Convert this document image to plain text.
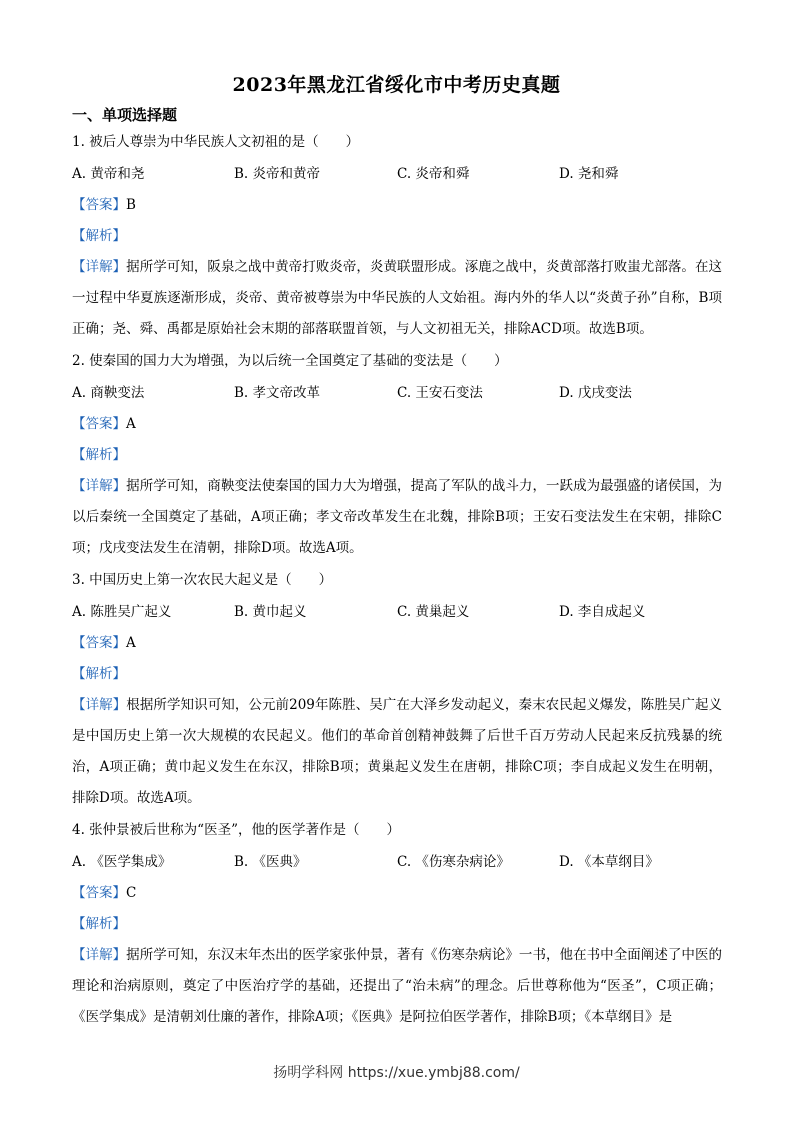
2023年黑龙江省绥化市中考历史真题
一、单项选择题
1. 被后人尊崇为中华民族人文初祖的是（　　）
A. 黄帝和尧	B. 炎帝和黄帝	C. 炎帝和舜	D. 尧和舜
【答案】B
【解析】
【详解】据所学可知，阪泉之战中黄帝打败炎帝，炎黄联盟形成。涿鹿之战中，炎黄部落打败蚩尤部落。在这一过程中华夏族逐渐形成，炎帝、黄帝被尊崇为中华民族的人文始祖。海内外的华人以“炎黄子孙”自称，B项正确；尧、舜、禹都是原始社会末期的部落联盟首领，与人文初祖无关，排除ACD项。故选B项。
2. 使秦国的国力大为增强，为以后统一全国奠定了基础的变法是（　　）
A. 商鞅变法	B. 孝文帝改革	C. 王安石变法	D. 戊戌变法
【答案】A
【解析】
【详解】据所学可知，商鞅变法使秦国的国力大为增强，提高了军队的战斗力，一跃成为最强盛的诸侯国，为以后秦统一全国奠定了基础，A项正确；孝文帝改革发生在北魏，排除B项；王安石变法发生在宋朝，排除C项；戊戌变法发生在清朝，排除D项。故选A项。
3. 中国历史上第一次农民大起义是（　　）
A. 陈胜吴广起义	B. 黄巾起义	C. 黄巢起义	D. 李自成起义
【答案】A
【解析】
【详解】根据所学知识可知，公元前209年陈胜、吴广在大泽乡发动起义，秦末农民起义爆发，陈胜吴广起义是中国历史上第一次大规模的农民起义。他们的革命首创精神鼓舞了后世千百万劳动人民起来反抗残暴的统治，A项正确；黄巾起义发生在东汉，排除B项；黄巢起义发生在唐朝，排除C项；李自成起义发生在明朝，排除D项。故选A项。
4. 张仲景被后世称为“医圣”，他的医学著作是（　　）
A. 《医学集成》	B. 《医典》	C. 《伤寒杂病论》	D. 《本草纲目》
【答案】C
【解析】
【详解】据所学可知，东汉末年杰出的医学家张仲景，著有《伤寒杂病论》一书，他在书中全面阐述了中医的理论和治病原则，奠定了中医治疗学的基础，还提出了“治未病”的理念。后世尊称他为“医圣”，C项正确；《医学集成》是清朝刘仕廉的著作，排除A项；《医典》是阿拉伯医学著作，排除B项；《本草纲目》是
扬明学科网 https://xue.ymbj88.com/
